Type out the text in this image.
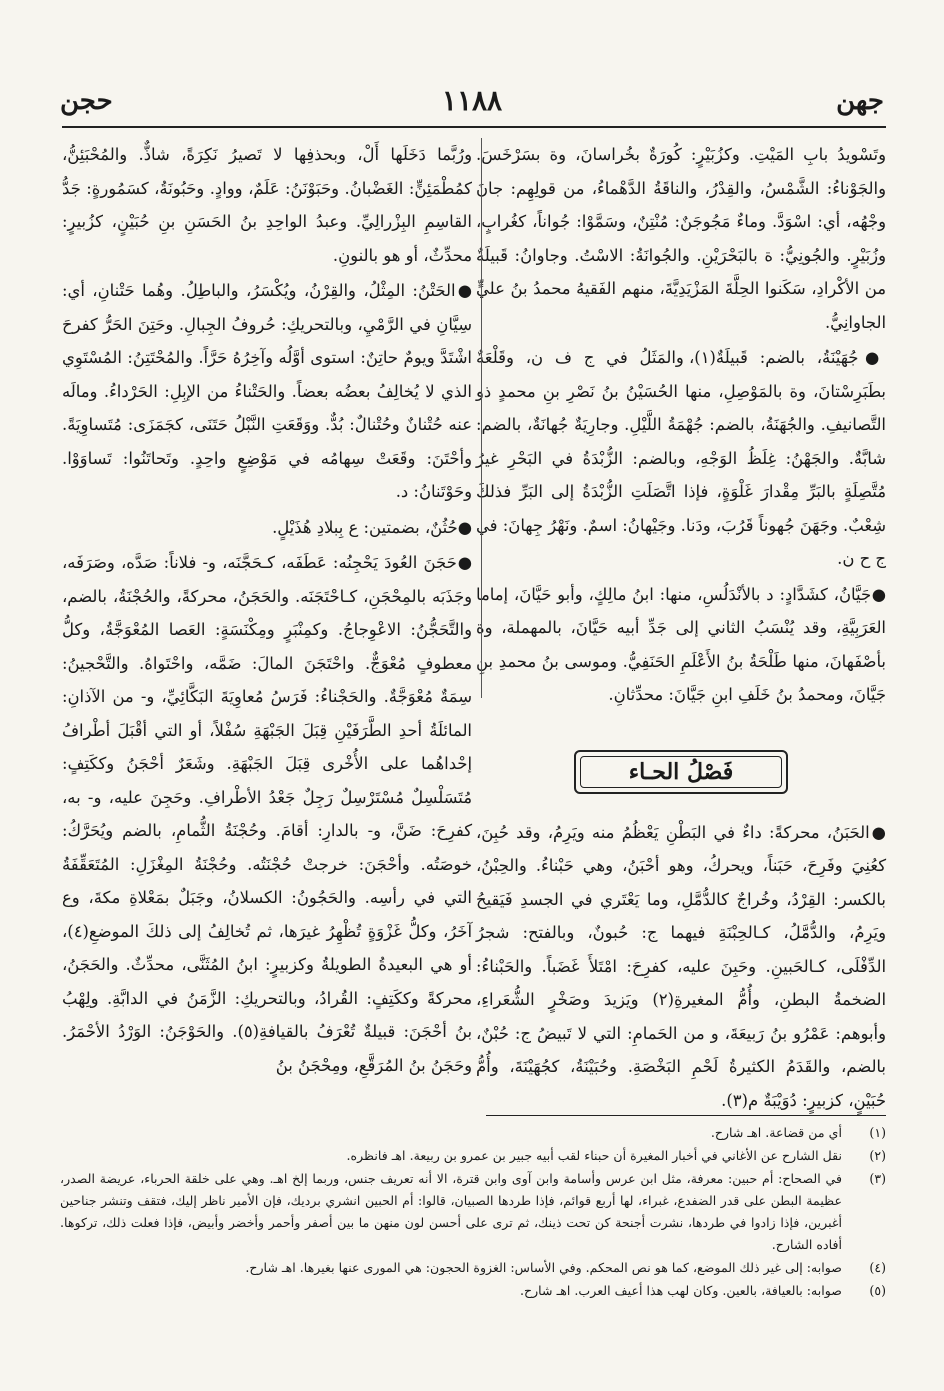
جهن
١١٨٨
حجن

وتَسْويدُ بابِ المَيْتِ. وكزُبَيْرٍ: كُورَةٌ بخُراسانَ، وة بسَرْخَسَ. والجَوْناءُ: الشَّمْسُ، والقِدْرُ، والناقَةُ الدَّهْماءُ، من قولِهِم: جانَ وجْهُه، أي: اسْوَدَّ. وماءٌ مَجُوجَنٌ: مُنْتِنٌ، وسَمَّوْا: جُواناً، كغُرابٍ، وزُبَيْرٍ. والجُونِيُّ: ة بالبَحْرَيْنِ. والجُوانَةُ: الاسْتُ. وجاوانُ: قَبيلَةٌ من الأكْرادِ، سَكَنوا الحِلَّةَ المَزْيَدِيَّةَ، منهم الفَقيهُ محمدُ بنُ عليٍّ الجاوانِيُّ.

●جُهَيْنَةُ، بالضم: قَبيلَةٌ(١)، والمَثَلُ في ج ف ن، وقَلْعَةٌ بطَبَرِسْتانَ، وة بالمَوْصِلِ، منها الحُسَيْنُ بنُ نَصْرِ بنِ محمدٍ ذو التَّصانيفِ. والجُهَنَةُ، بالضم: جُهْمَةُ اللَّيْلِ. وجارِيَةٌ جُهانَةٌ، بالضم: شابَّةٌ. والجَهْنُ: غِلَظُ الوَجْهِ، وبالضم: الزُّبْدَةُ في البَحْرِ غيرُ مُتَّصِلَةٍ بالبَرِّ مِقْدارَ غَلْوَةٍ، فإذا اتَّصَلَتِ الزُّبْدَةُ إلى البَرِّ فذلكَ شِعْبٌ. وجَهَنَ جُهوناً قَرُبَ، ودَنا. وجَيْهانُ: اسمٌ. ونَهْرُ جِهانَ: في ج ح ن.

●جَيَّانُ، كشَدَّادٍ: د بالأنْدَلُسِ، منها: ابنُ مالِكٍ، وأبو حَيَّانَ، إماما العَرَبِيَّةِ، وقد يُنْسَبُ الثاني إلى جَدِّ أبيه حَيَّانَ، بالمهملة، وة بأصْفَهانَ، منها طَلْحَةُ بنُ الأَعْلَمِ الحَنَفِيُّ. وموسى بنُ محمدِ بنِ جَيَّانَ، ومحمدُ بنُ خَلَفِ ابنِ جَيَّانَ: محدِّثانِ.

فَصْلُ الحـاء

●الحَبَنُ، محركةً: داءٌ في البَطْنِ يَعْظُمُ منه ويَرِمُ، وقد حُبِنَ، كعُنِيَ وفَرِحَ، حَبَناً، ويحركُ، وهو أحْبَنُ، وهي حَبْناءُ. والحِبْنُ، بالكسر: القِرْدُ، وخُراجٌ كالدُّمَّلِ، وما يَعْتَري في الجسدِ فَيَقيحُ ويَرِمُ، والدُّمَّلُ، كـالحِبْنَةِ فيهما ج: حُبونٌ، وبالفتح: شجرُ الدِّفْلَى، كـالحَبينِ. وحَبِنَ عليه، كفرِحَ: امْتَلأَ غَضَباً. والحَبْناءُ: الضخمةُ البطنِ، وأُمُّ المغيرةِ(٢) ويَزيدَ وصَخْرٍ الشُّعَراءِ، وأبوهم: عَمْرُو بنُ رَبيعَةَ، و من الحَمامِ: التي لا تَبيضُ ج: حُبْنٌ، بالضم، والقَدَمُ الكثيرةُ لَحْمِ البَخْصَةِ. وحُبَيْنَةُ، كجُهَيْنَةَ، وأُمُّ حُبَيْنٍ، كزبيرٍ: دُوَيْبَةٌ م(٣).

ورُبَّما دَخَلَها أَلْ، وبحذفِها لا تَصيرُ نَكِرَةً، شاذٌّ. والمُحْبَئِنُّ، كمُطْمَئِنٍّ: الغَضْبانُ. وحَبَوْنَنُ: عَلَمٌ، ووادٍ. وحَبُونَةُ، كسَمُورةٍ: جَدُّ القاسِمِ البِزْرالِيِّ. وعبدُ الواحِدِ بنُ الحَسَنِ بنِ حُبَيْنٍ، كزُبيرٍ: محدِّثٌ، أو هو بالنونِ.

●الحَتْنُ: المِثْلُ، والقِرْنُ، ويُكْسَرُ، والباطِلُ. وهُما حَتْنانِ، أي: سِيَّانِ في الرَّمْيِ، وبالتحريكِ: حُروفُ الجِبالِ. وحَتِنَ الحَرُّ كفرحَ اشْتَدَّ ويومٌ حاتِنٌ: استوى أوَّلُه وآخِرُهُ حَرَّاً. والمُحْتَتِنُ: المُسْتَوِي الذي لا يُخالِفُ بعضُه بعضاً. والحَتْناءُ من الإبِلِ: الحَرْداءُ. ومالَه عنه حُتْنانٌ وحُتْنالٌ: بُدٌّ. ووَقَعَتِ النَّبْلُ حَتَنَى، كجَمَزَى: مُتَساوِيَةً. وأحْتَنَ: وقَعَتْ سِهامُه في مَوْضِعٍ واحِدٍ. وتَحاتَنُوا: تَساوَوْا. وحَوْتَنانُ: د.

●حُثُنٌ، بضمتين: ع بِبلادِ هُذَيْلٍ.

●حَجَنَ العُودَ يَحْجِنُه: عَطَفَه، كـحَجَّنَه، و- فلاناً: صَدَّه، وصَرَفَه، وجَذَبَه بالمِحْجَنِ، كـاحْتَجَنَه. والحَجَنُ، محركةً، والحُجْنَةُ، بالضم، والتَّحَجُّنُ: الاعْوِجاجُ. وكمِنْبَرٍ ومِكْنَسَةٍ: العَصا المُعْوَجَّةُ، وكلُّ معطوفٍ مُعْوَجٌّ. واحْتَجَنَ المالَ: ضَمَّه، واحْتَواهُ. والتَّحْجينُ: سِمَةٌ مُعْوَجَّةٌ. والحَجْناءُ: فَرَسُ مُعاوِيَةَ البَكَّائِيِّ، و- من الآذانِ: المائلَةُ أحدِ الطَّرَفَيْنِ قِبَلَ الجَبْهَةِ سُفْلاً، أو التي أقْبَلَ أطْرافُ إحْداهُما على الأُخْرى قِبَلَ الجَبْهَةِ. وشَعَرٌ أحْجَنُ وككَتِفٍ: مُتَسَلْسِلٌ مُسْتَرْسِلٌ رَجِلٌ جَعْدُ الأطْرافِ. وحَجِنَ عليه، و- به، كفرِحَ: ضَنَّ، و- بالدارِ: أقامَ. وحُجْنَةُ الثُّمامِ، بالضم ويُحَرَّكُ: خوصَتُه. وأحْجَنَ: خرجتْ حُجْنَتُه. وحُجْنَةُ المِغْزَلِ: المُتَعَقِّفَةُ التي في رأسِه. والحَجُونُ: الكسلانُ، وجَبَلٌ بمَعْلاةِ مكةَ، وع آخَرُ، وكلُّ غَزْوَةٍ تُظْهِرُ غيرَها، ثم تُخالِفُ إلى ذلكَ الموضعِ(٤)، أو هي البعيدةُ الطويلةُ وكزبيرٍ: ابنُ المُثَنَّى، محدِّثٌ. والحَجَنُ، محركةً وككَتِفٍ: القُرادُ، وبالتحريكِ: الزَّمَنُ في الدابَّةِ. ولِهْبُ بنُ أحْجَنَ: قبيلةٌ تُعْرَفُ بالقيافةِ(٥). والحَوْجَنُ: الوَرْدُ الأحْمَرُ. وحَجَنُ بنُ المُرَقَّعِ، ومِحْجَنُ بنُ

(١)
أي من قضاعة. اهـ شارح.
(٢)
نقل الشارح عن الأغاني في أخبار المغيرة أن حبناء لقب أبيه جبير بن عمرو بن ربيعة. اهـ فانظره.
(٣)
في الصحاح: أم حبين: معرفة، مثل ابن عرس وأسامة وابن آوى وابن قترة، الا أنه تعريف جنس، وربما إلخ اهـ. وهي على خلقة الحرباء، عريضة الصدر، عظيمة البطن على قدر الضفدع، غبراء، لها أربع قوائم، فإذا طردها الصبيان، قالوا: أم الحبين انشري برديك، فإن الأمير ناظر إليك، فتقف وتنشر جناحين أغبرين، فإذا زادوا في طردها، نشرت أجنحة كن تحت ذينك، ثم ترى على أحسن لون منهن ما بين أصفر وأحمر وأخضر وأبيض، فإذا فعلت ذلك، تركوها. أفاده الشارح.
(٤)
صوابه: إلى غير ذلك الموضع، كما هو نص المحكم. وفي الأساس: الغزوة الحجون: هي المورى عنها بغيرها. اهـ شارح.
(٥)
صوابه: بالعيافة، بالعين. وكان لهب هذا أعيف العرب. اهـ شارح.
